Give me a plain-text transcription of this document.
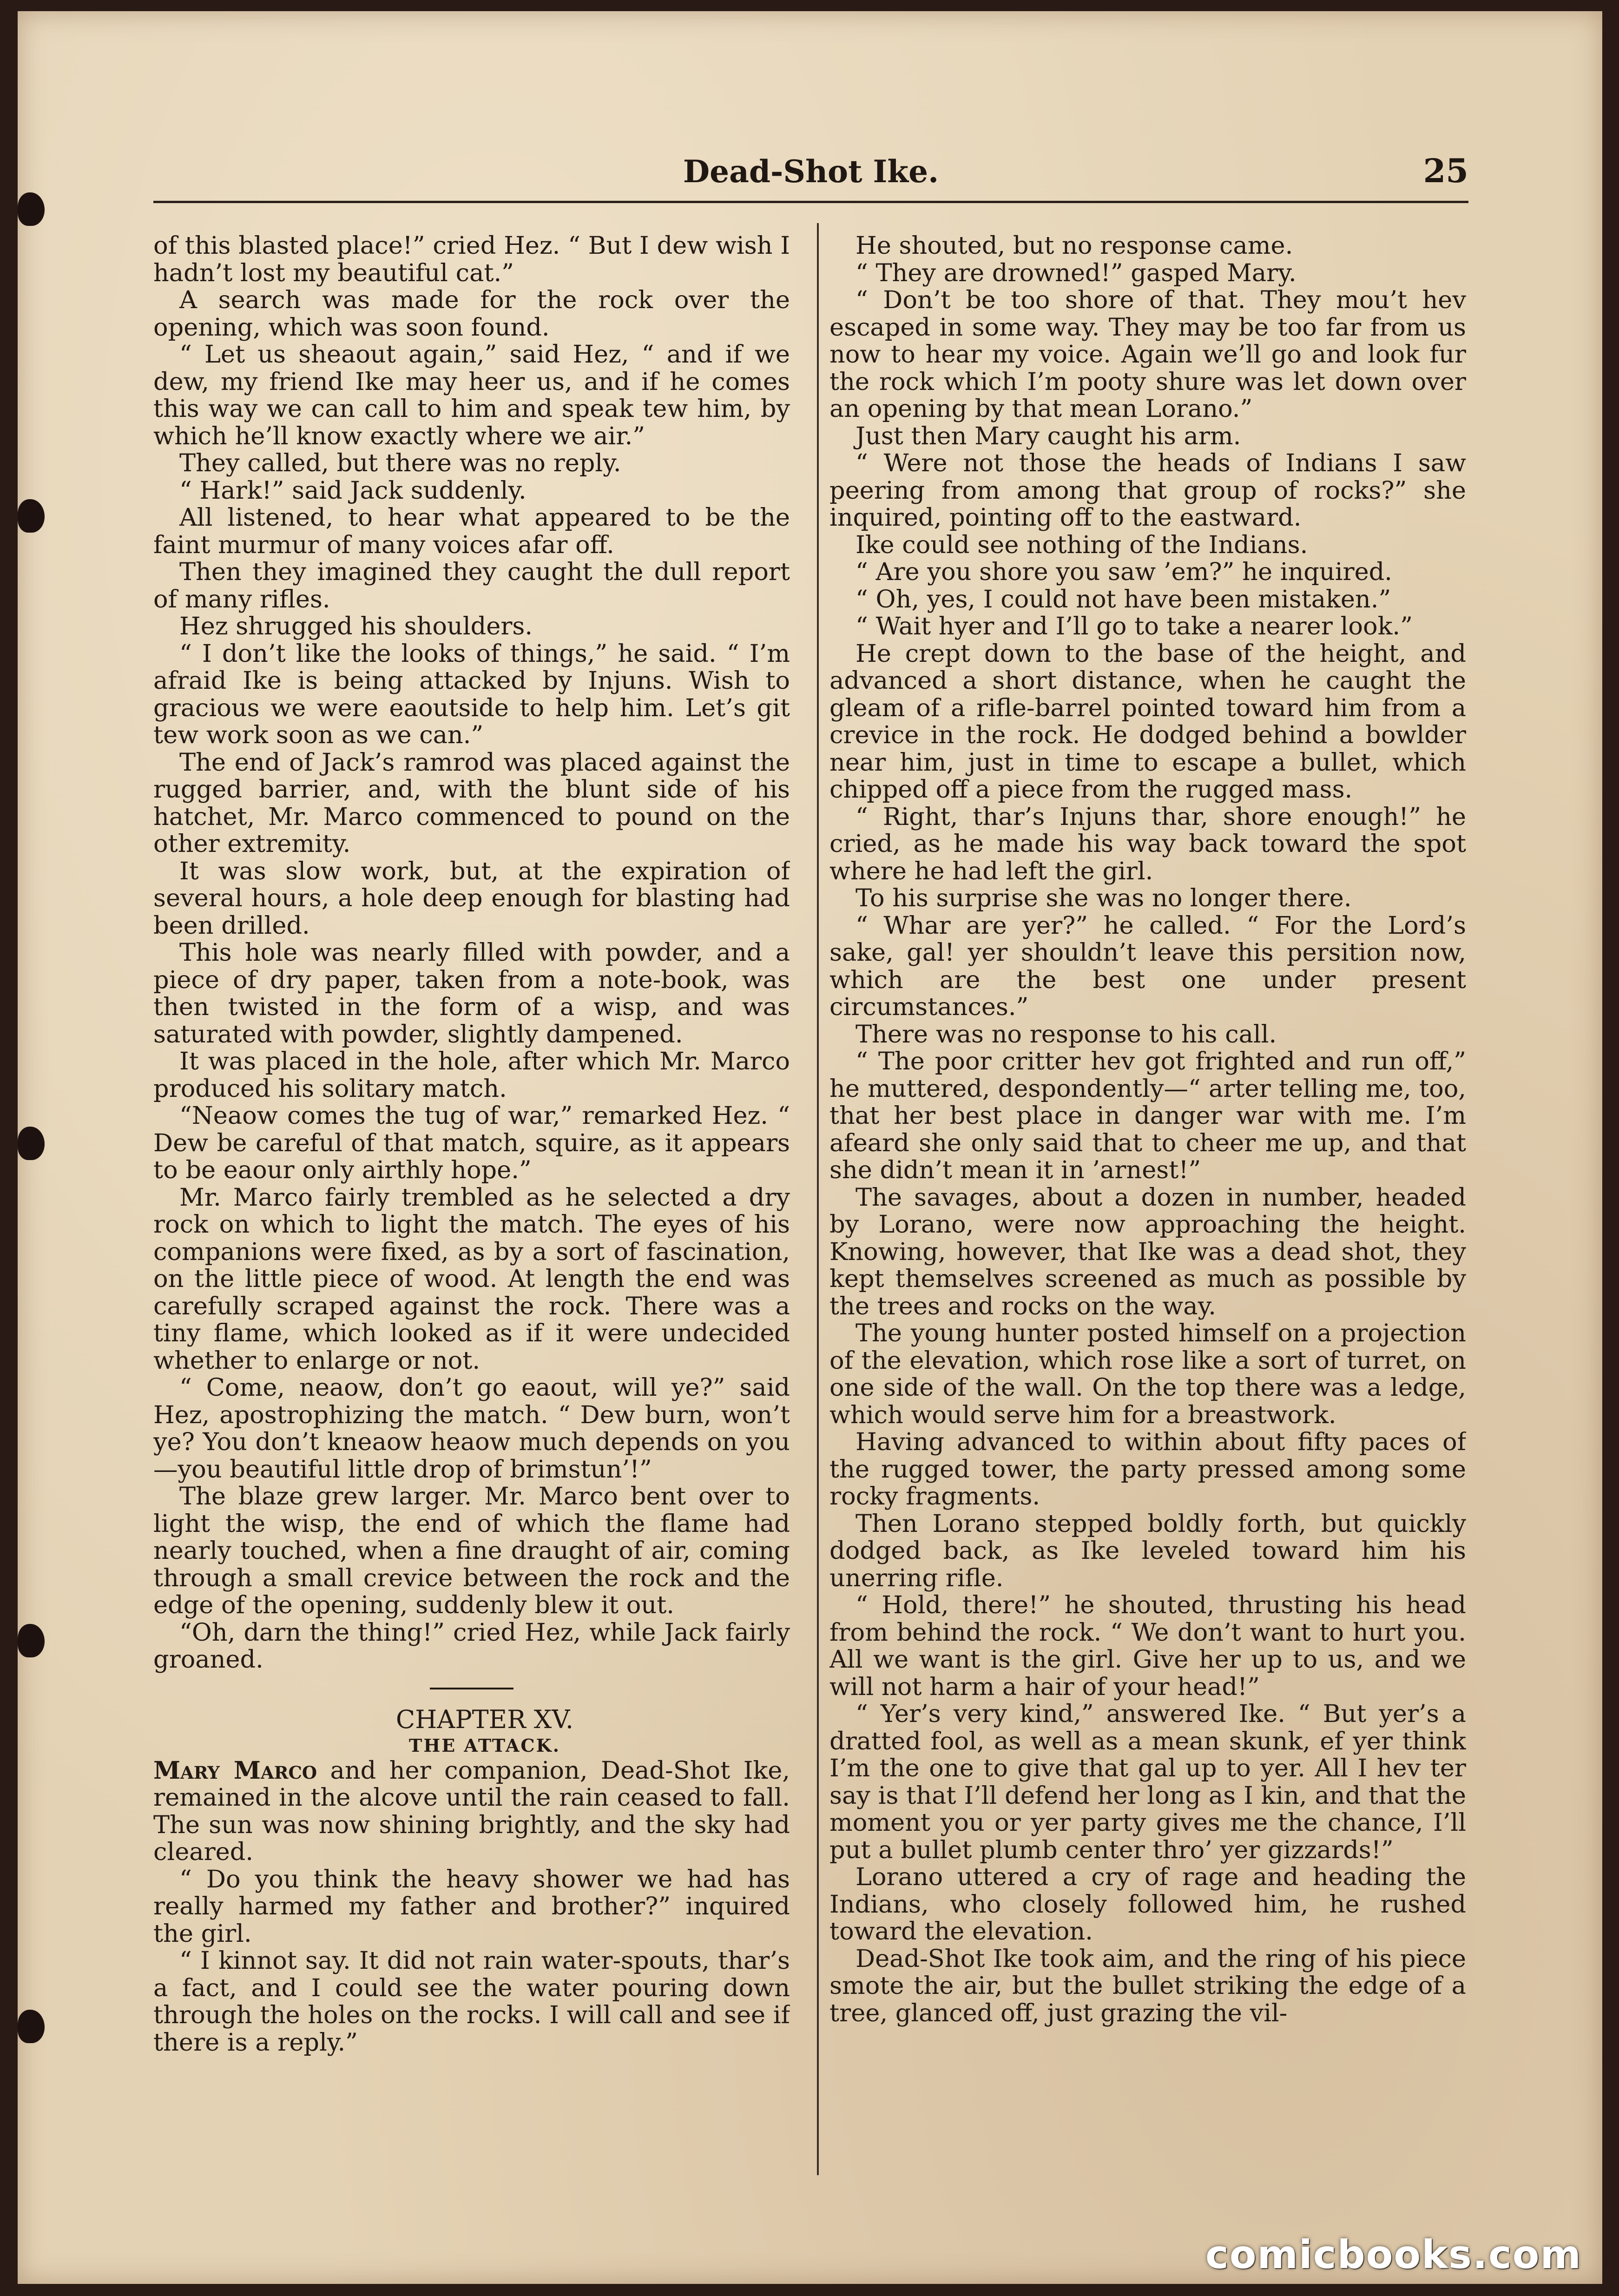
Dead-Shot Ike.	25

of this blasted place!” cried Hez. “ But I dew wish I hadn’t lost my beautiful cat.”

A search was made for the rock over the opening, which was soon found.

“ Let us sheaout again,” said Hez, “ and if we dew, my friend Ike may heer us, and if he comes this way we can call to him and speak tew him, by which he’ll know exactly where we air.”

They called, but there was no reply.

“ Hark!” said Jack suddenly.

All listened, to hear what appeared to be the faint murmur of many voices afar off.

Then they imagined they caught the dull report of many rifles.

Hez shrugged his shoulders.

“ I don’t like the looks of things,” he said. “ I’m afraid Ike is being attacked by Injuns. Wish to gracious we were eaoutside to help him. Let’s git tew work soon as we can.”

The end of Jack’s ramrod was placed against the rugged barrier, and, with the blunt side of his hatchet, Mr. Marco commenced to pound on the other extremity.

It was slow work, but, at the expiration of several hours, a hole deep enough for blasting had been drilled.

This hole was nearly filled with powder, and a piece of dry paper, taken from a note-book, was then twisted in the form of a wisp, and was saturated with powder, slightly dampened.

It was placed in the hole, after which Mr. Marco produced his solitary match.

“Neaow comes the tug of war,” remarked Hez. “ Dew be careful of that match, squire, as it appears to be eaour only airthly hope.”

Mr. Marco fairly trembled as he selected a dry rock on which to light the match. The eyes of his companions were fixed, as by a sort of fascination, on the little piece of wood. At length the end was carefully scraped against the rock. There was a tiny flame, which looked as if it were undecided whether to enlarge or not.

“ Come, neaow, don’t go eaout, will ye?” said Hez, apostrophizing the match. “ Dew burn, won’t ye? You don’t kneaow heaow much depends on you—you beautiful little drop of brimstun’!”

The blaze grew larger. Mr. Marco bent over to light the wisp, the end of which the flame had nearly touched, when a fine draught of air, coming through a small crevice between the rock and the edge of the opening, suddenly blew it out.

“Oh, darn the thing!” cried Hez, while Jack fairly groaned.

CHAPTER XV.

THE ATTACK.

Mary Marco and her companion, Dead-Shot Ike, remained in the alcove until the rain ceased to fall. The sun was now shining brightly, and the sky had cleared.

“ Do you think the heavy shower we had has really harmed my father and brother?” inquired the girl.

“ I kinnot say. It did not rain water-spouts, thar’s a fact, and I could see the water pouring down through the holes on the rocks. I will call and see if there is a reply.”

He shouted, but no response came.

“ They are drowned!” gasped Mary.

“ Don’t be too shore of that. They mou’t hev escaped in some way. They may be too far from us now to hear my voice. Again we’ll go and look fur the rock which I’m pooty shure was let down over an opening by that mean Lorano.”

Just then Mary caught his arm.

“ Were not those the heads of Indians I saw peering from among that group of rocks?” she inquired, pointing off to the eastward.

Ike could see nothing of the Indians.

“ Are you shore you saw ’em?” he inquired.

“ Oh, yes, I could not have been mistaken.”

“ Wait hyer and I’ll go to take a nearer look.”

He crept down to the base of the height, and advanced a short distance, when he caught the gleam of a rifle-barrel pointed toward him from a crevice in the rock. He dodged behind a bowlder near him, just in time to escape a bullet, which chipped off a piece from the rugged mass.

“ Right, thar’s Injuns thar, shore enough!” he cried, as he made his way back toward the spot where he had left the girl.

To his surprise she was no longer there.

“ Whar are yer?” he called. “ For the Lord’s sake, gal! yer shouldn’t leave this persition now, which are the best one under present circumstances.”

There was no response to his call.

“ The poor critter hev got frighted and run off,” he muttered, despondently—“ arter telling me, too, that her best place in danger war with me. I’m afeard she only said that to cheer me up, and that she didn’t mean it in ’arnest!”

The savages, about a dozen in number, headed by Lorano, were now approaching the height. Knowing, however, that Ike was a dead shot, they kept themselves screened as much as possible by the trees and rocks on the way.

The young hunter posted himself on a projection of the elevation, which rose like a sort of turret, on one side of the wall. On the top there was a ledge, which would serve him for a breastwork.

Having advanced to within about fifty paces of the rugged tower, the party pressed among some rocky fragments.

Then Lorano stepped boldly forth, but quickly dodged back, as Ike leveled toward him his unerring rifle.

“ Hold, there!” he shouted, thrusting his head from behind the rock. “ We don’t want to hurt you. All we want is the girl. Give her up to us, and we will not harm a hair of your head!”

“ Yer’s very kind,” answered Ike. “ But yer’s a dratted fool, as well as a mean skunk, ef yer think I’m the one to give that gal up to yer. All I hev ter say is that I’ll defend her long as I kin, and that the moment you or yer party gives me the chance, I’ll put a bullet plumb center thro’ yer gizzards!”

Lorano uttered a cry of rage and heading the Indians, who closely followed him, he rushed toward the elevation.

Dead-Shot Ike took aim, and the ring of his piece smote the air, but the bullet striking the edge of a tree, glanced off, just grazing the vil-

comicbooks.com
